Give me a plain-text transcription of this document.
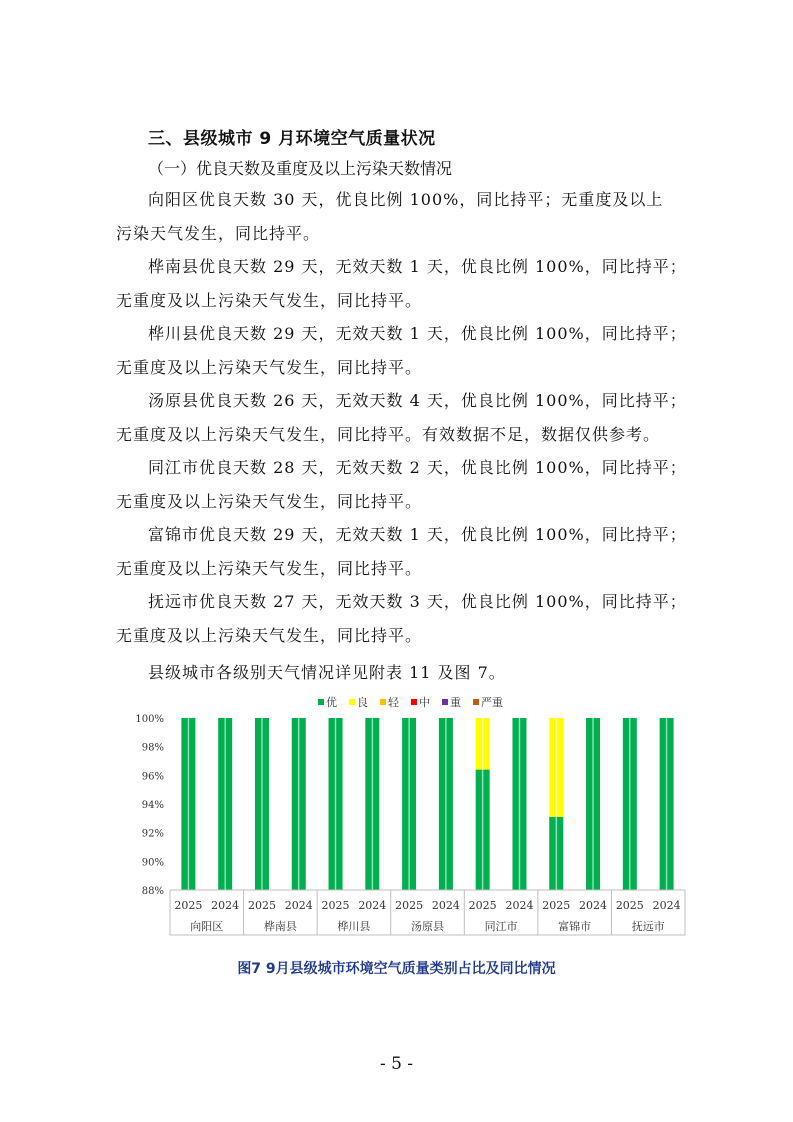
三、县级城市 9 月环境空气质量状况
（一）优良天数及重度及以上污染天数情况
向阳区优良天数 30 天，优良比例 100%，同比持平；无重度及以上
污染天气发生，同比持平。
桦南县优良天数 29 天，无效天数 1 天，优良比例 100%，同比持平；
无重度及以上污染天气发生，同比持平。
桦川县优良天数 29 天，无效天数 1 天，优良比例 100%，同比持平；
无重度及以上污染天气发生，同比持平。
汤原县优良天数 26 天，无效天数 4 天，优良比例 100%，同比持平；
无重度及以上污染天气发生，同比持平。有效数据不足，数据仅供参考。
同江市优良天数 28 天，无效天数 2 天，优良比例 100%，同比持平；
无重度及以上污染天气发生，同比持平。
富锦市优良天数 29 天，无效天数 1 天，优良比例 100%，同比持平；
无重度及以上污染天气发生，同比持平。
抚远市优良天数 27 天，无效天数 3 天，优良比例 100%，同比持平；
无重度及以上污染天气发生，同比持平。
县级城市各级别天气情况详见附表 11 及图 7。
优 良 轻 中 重 严重
88%
90%
92%
94%
96%
98%
100%
2025 2024 2025 2024 2025 2024 2025 2024 2025 2024 2025 2024 2025 2024
向阳区	桦南县	桦川县	汤原县	同江市	富锦市	抚远市
图7 9月县级城市环境空气质量类别占比及同比情况
- 5 -
